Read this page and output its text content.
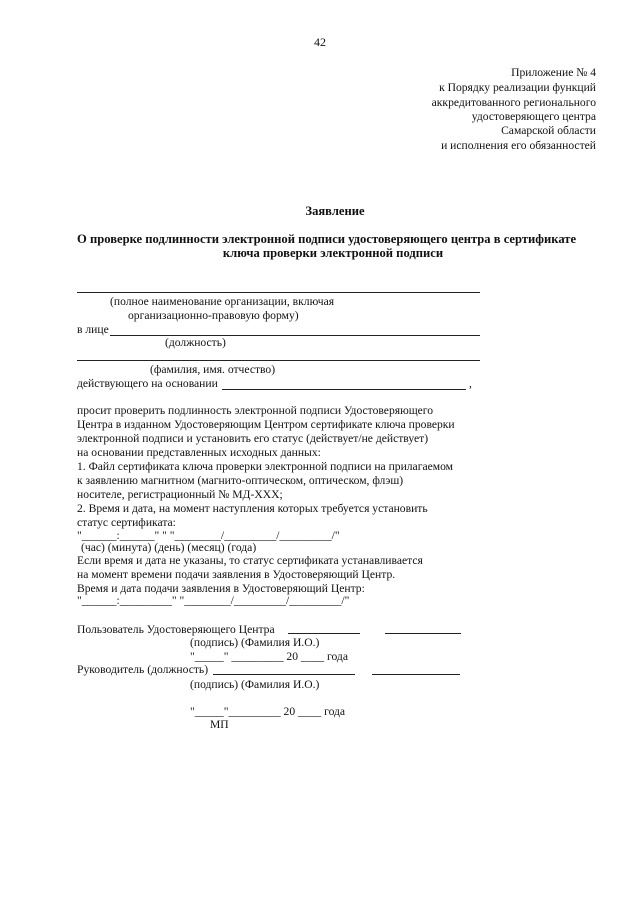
42
Приложение № 4
к Порядку реализации функций
аккредитованного регионального
удостоверяющего центра
Самарской области
и исполнения его обязанностей
Заявление
О проверке подлинности электронной подписи удостоверяющего центра в сертификате
ключа проверки электронной подписи
(полное наименование организации, включая
организационно-правовую форму)
в лице
(должность)
(фамилия, имя. отчество)
действующего на основании	,
просит проверить подлинность электронной подписи Удостоверяющего
Центра в изданном Удостоверяющим Центром сертификате ключа проверки
электронной подписи и установить его статус (действует/не действует)
на основании представленных исходных данных:
1. Файл сертификата ключа проверки электронной подписи на прилагаемом
к заявлению магнитном (магнито-оптическом, оптическом, флэш)
носителе, регистрационный № МД-XXX;
2. Время и дата, на момент наступления которых требуется установить
статус сертификата:
"______:______" " "________/_________/_________/"
(час) (минута) (день) (месяц) (года)
Если время и дата не указаны, то статус сертификата устанавливается
на момент времени подачи заявления в Удостоверяющий Центр.
Время и дата подачи заявления в Удостоверяющий Центр:
"______:_________" "________/_________/_________/"
Пользователь Удостоверяющего Центра
(подпись) (Фамилия И.О.)
"_____" _________ 20 ____ года
Руководитель (должность)
(подпись) (Фамилия И.О.)
"_____"_________ 20 ____ года
МП
